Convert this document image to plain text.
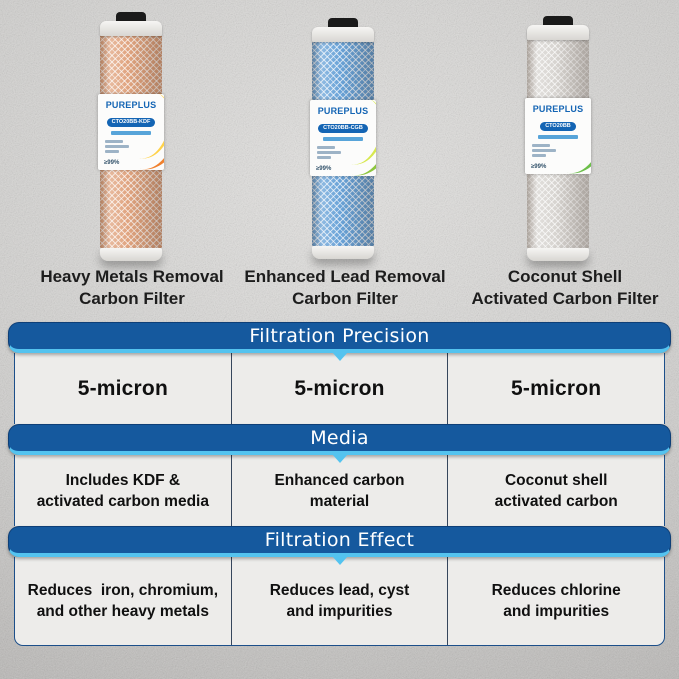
PUREPLUS
CTO20BB-KDF
≥99%
PUREPLUS
CTO20BB-CGB
≥99%
PUREPLUS
CTO20BB
≥99%
Heavy Metals Removal
Carbon Filter
Enhanced Lead Removal
Carbon Filter
Coconut Shell
Activated Carbon Filter
Filtration Precision
5-micron	5-micron	5-micron
Media
Includes KDF &
activated carbon media
Enhanced carbon
material
Coconut shell
activated carbon
Filtration Effect
Reduces  iron, chromium,
and other heavy metals
Reduces lead, cyst
and impurities
Reduces chlorine
and impurities
